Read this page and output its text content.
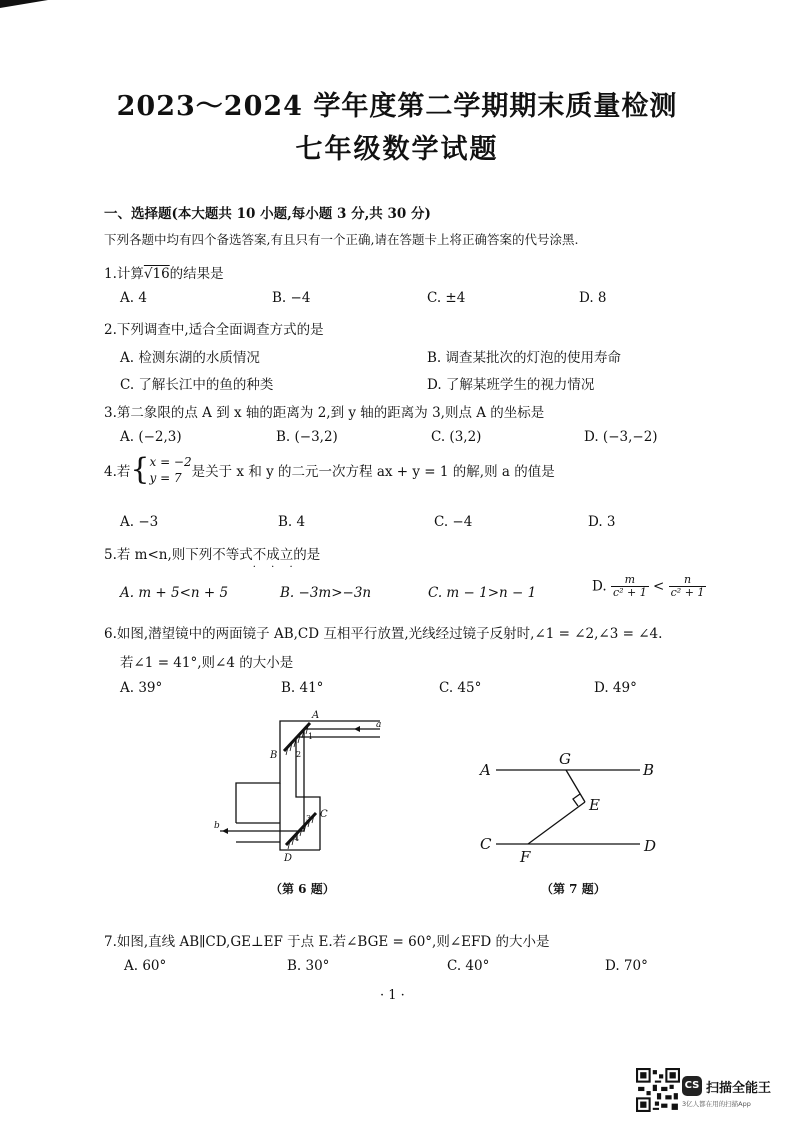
2023～2024 学年度第二学期期末质量检测
七年级数学试题
一、选择题(本大题共 10 小题,每小题 3 分,共 30 分)
下列各题中均有四个备选答案,有且只有一个正确,请在答题卡上将正确答案的代号涂黑.
1.计算√16的结果是
A. 4	B. −4	C. ±4	D. 8
2.下列调查中,适合全面调查方式的是
A. 检测东湖的水质情况	B. 调查某批次的灯泡的使用寿命
C. 了解长江中的鱼的种类	D. 了解某班学生的视力情况
3.第二象限的点 A 到 x 轴的距离为 2,到 y 轴的距离为 3,则点 A 的坐标是
A. (−2,3)	B. (−3,2)	C. (3,2)	D. (−3,−2)
4.若{ x = −2
y = 7 是关于 x 和 y 的二元一次方程 ax + y = 1 的解,则 a 的值是
A. −3	B. 4	C. −4	D. 3
5.若 m<n,则下列不等式不成立
· · ·
的是
A. m + 5<n + 5	B. −3m>−3n	C. m − 1>n − 1	D. $\frac{m}{\text{c² + 1}} < \frac{n}{\text{c² + 1}}$
6.如图,潜望镜中的两面镜子 AB,CD 互相平行放置,光线经过镜子反射时,∠1 = ∠2,∠3 = ∠4.
若∠1 = 41°,则∠4 的大小是
A. 39°	B. 41°	C. 45°	D. 49°
A
B
C
D
a
b
1
2
3
4
（第 6 题）
A	B
C	D
G
E
F
（第 7 题）
7.如图,直线 AB∥CD,GE⊥EF 于点 E.若∠BGE = 60°,则∠EFD 的大小是
A. 60°	B. 30°	C. 40°	D. 70°
· 1 ·
CS 扫描全能王
3亿人都在用的扫描App
